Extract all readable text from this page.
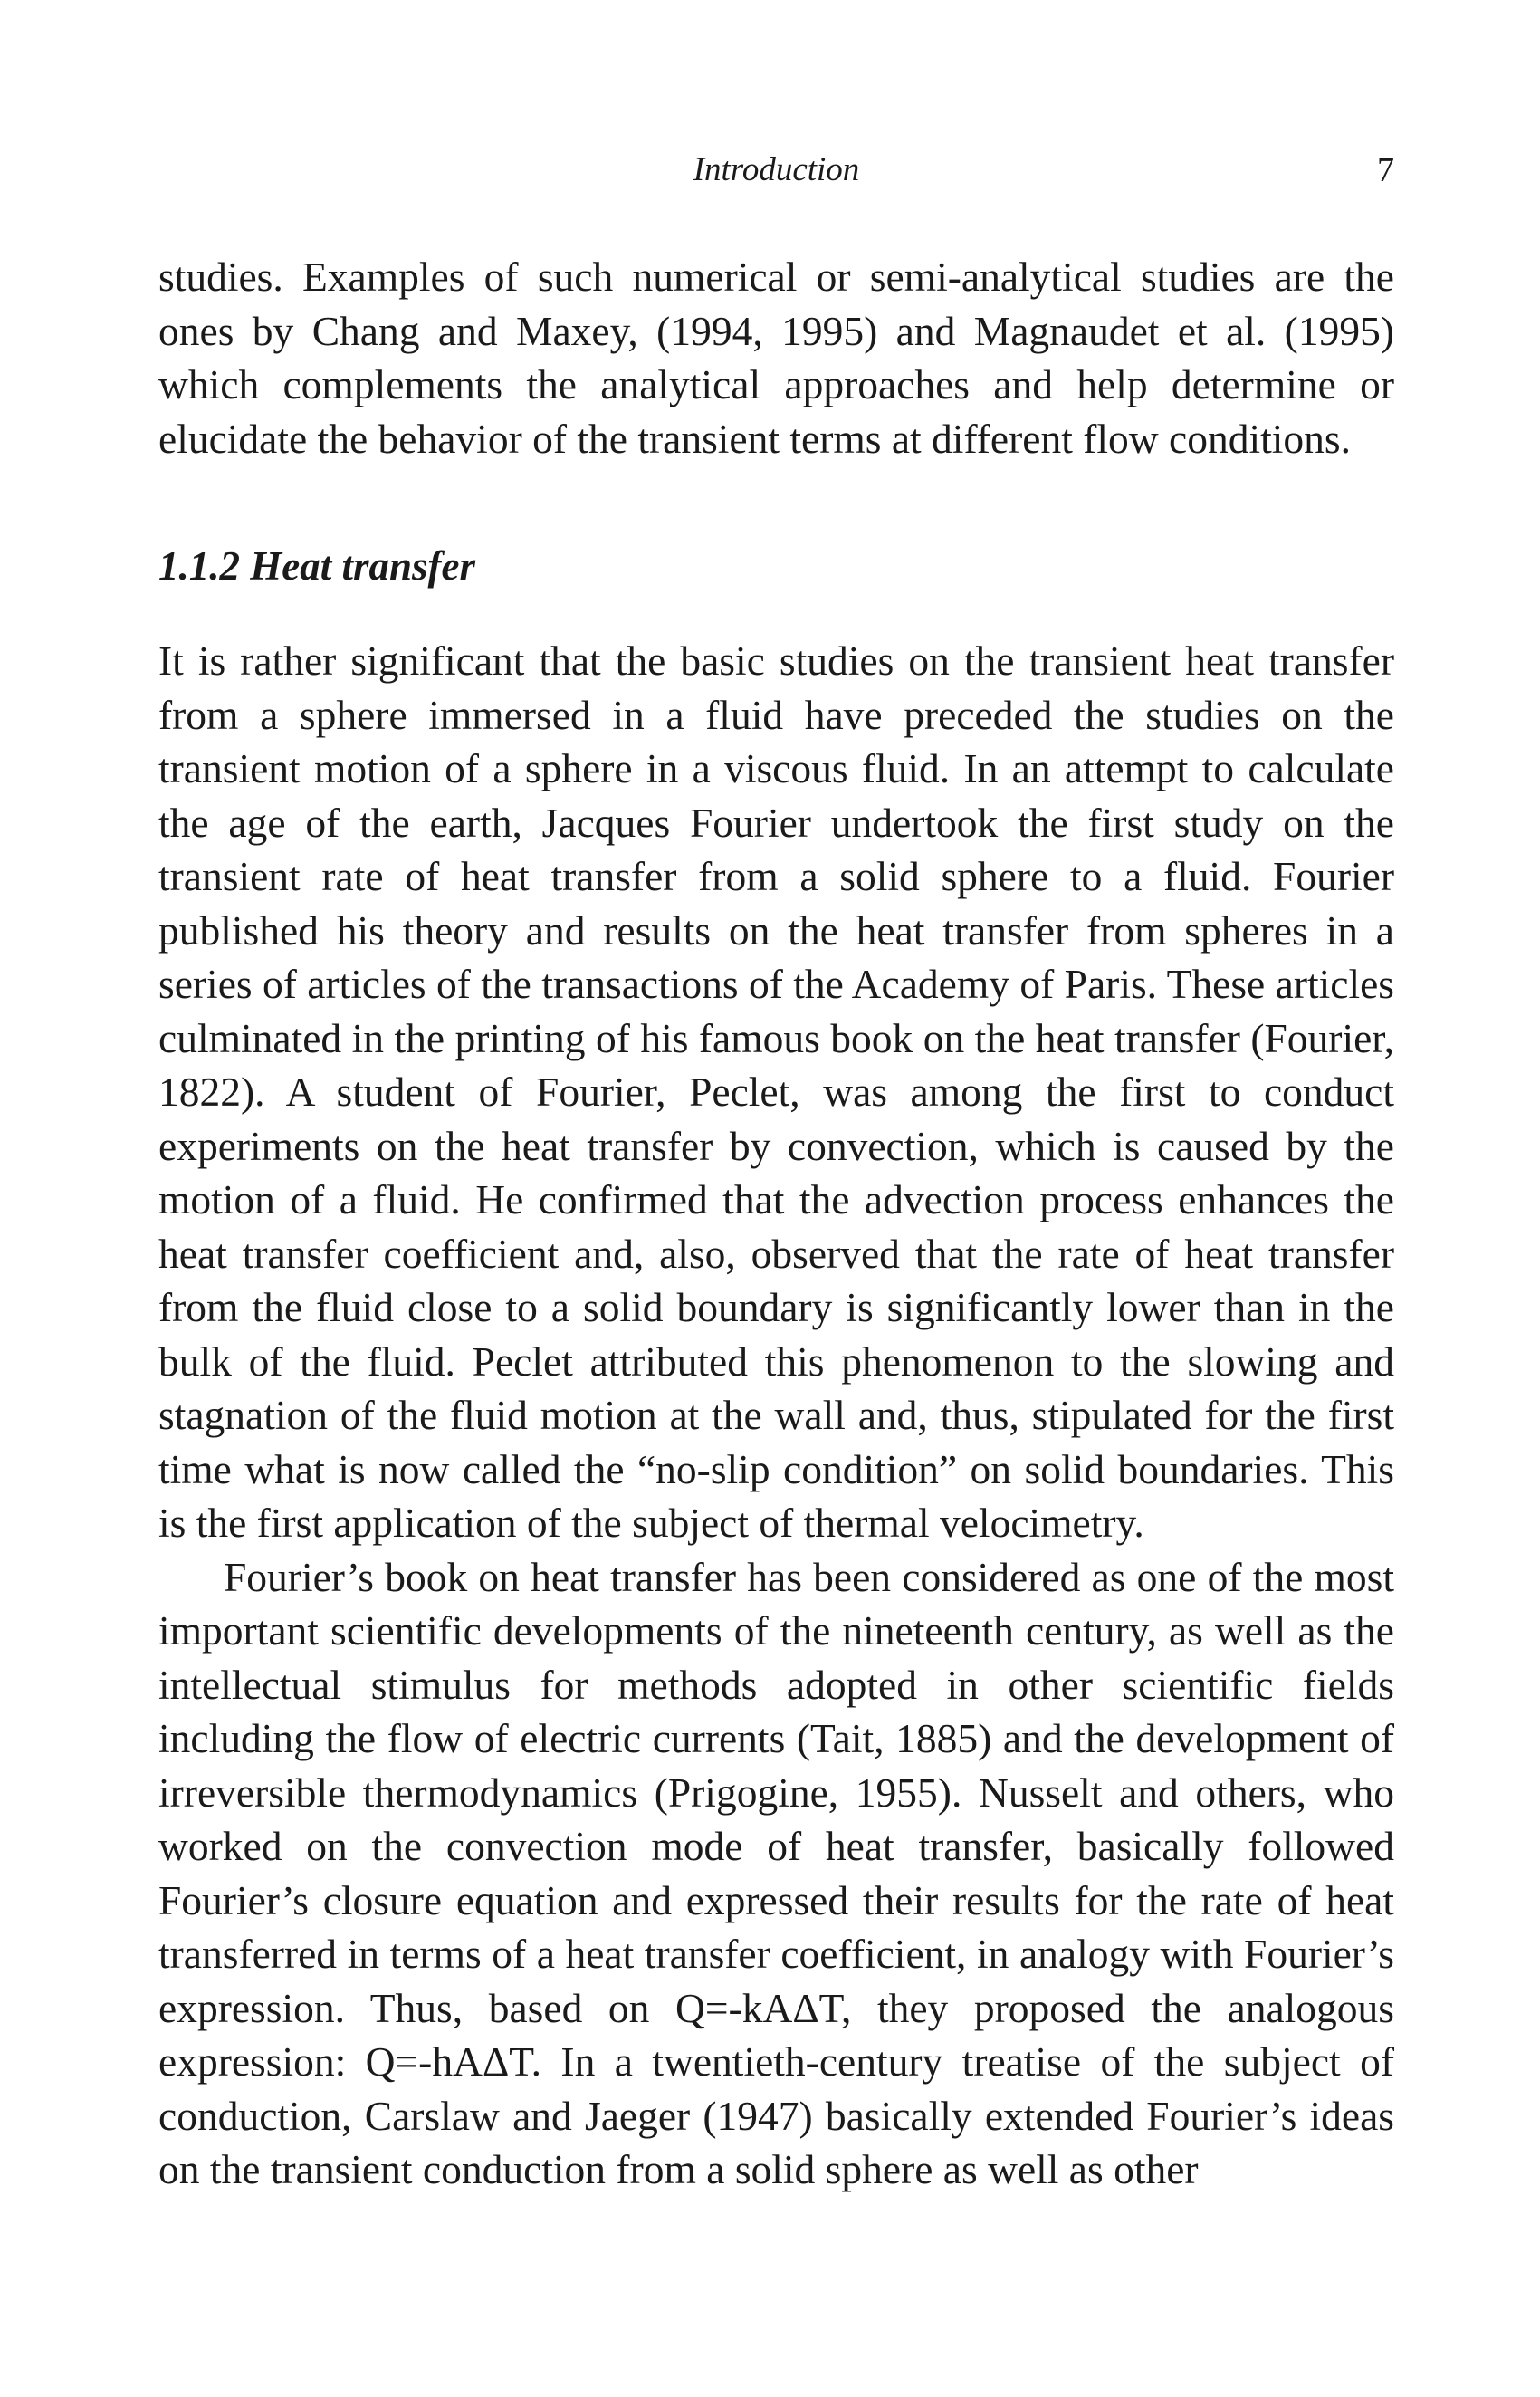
Introduction	7

studies. Examples of such numerical or semi-analytical studies are the ones by Chang and Maxey, (1994, 1995) and Magnaudet et al. (1995) which complements the analytical approaches and help determine or elucidate the behavior of the transient terms at different flow conditions.

1.1.2 Heat transfer

It is rather significant that the basic studies on the transient heat transfer from a sphere immersed in a fluid have preceded the studies on the transient motion of a sphere in a viscous fluid. In an attempt to calculate the age of the earth, Jacques Fourier undertook the first study on the transient rate of heat transfer from a solid sphere to a fluid. Fourier published his theory and results on the heat transfer from spheres in a series of articles of the transactions of the Academy of Paris. These articles culminated in the printing of his famous book on the heat transfer (Fourier, 1822). A student of Fourier, Peclet, was among the first to conduct experiments on the heat transfer by convection, which is caused by the motion of a fluid. He confirmed that the advection process enhances the heat transfer coefficient and, also, observed that the rate of heat transfer from the fluid close to a solid boundary is significantly lower than in the bulk of the fluid. Peclet attributed this phenomenon to the slowing and stagnation of the fluid motion at the wall and, thus, stipulated for the first time what is now called the “no-slip condition” on solid boundaries. This is the first application of the subject of thermal velocimetry.

Fourier’s book on heat transfer has been considered as one of the most important scientific developments of the nineteenth century, as well as the intellectual stimulus for methods adopted in other scientific fields including the flow of electric currents (Tait, 1885) and the development of irreversible thermodynamics (Prigogine, 1955). Nusselt and others, who worked on the convection mode of heat transfer, basically followed Fourier’s closure equation and expressed their results for the rate of heat transferred in terms of a heat transfer coefficient, in analogy with Fourier’s expression. Thus, based on Q=-kAΔT, they proposed the analogous expression: Q=-hAΔT. In a twentieth-century treatise of the subject of conduction, Carslaw and Jaeger (1947) basically extended Fourier’s ideas on the transient conduction from a solid sphere as well as other
